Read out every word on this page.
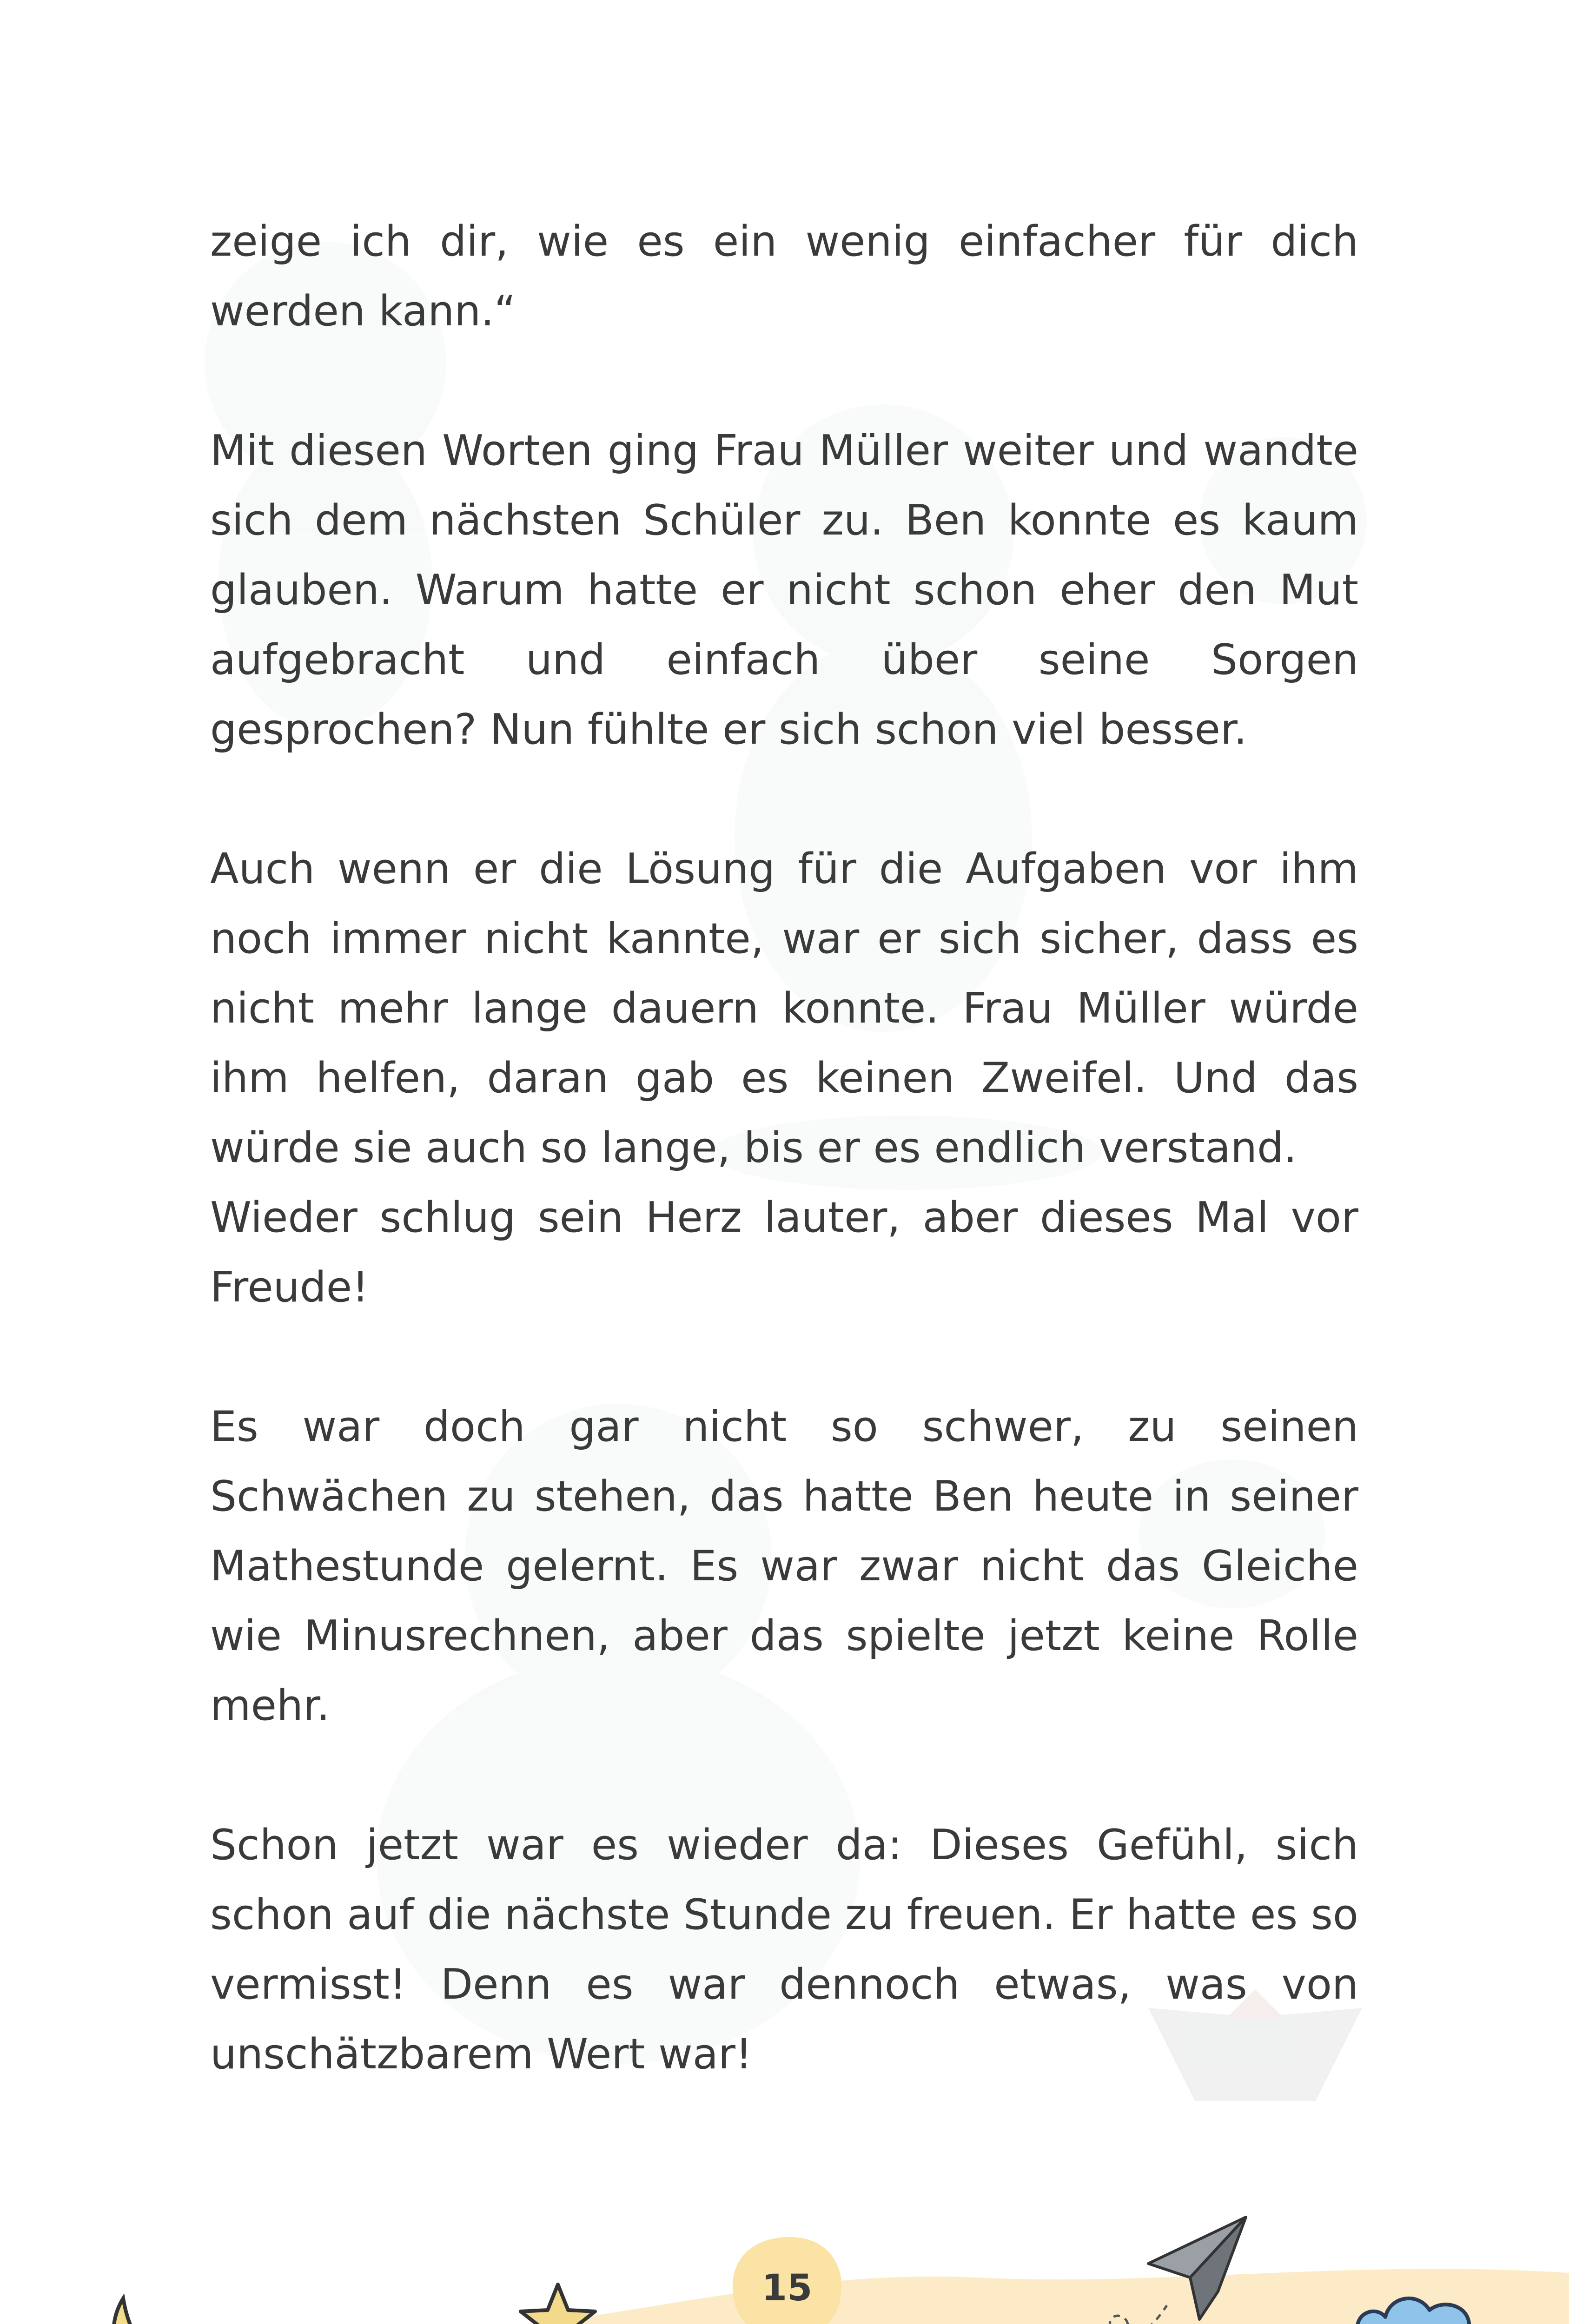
zeige ich dir, wie es ein wenig einfacher für dich werden kann.“

Mit diesen Worten ging Frau Müller weiter und wandte sich dem nächsten Schüler zu. Ben konnte es kaum glauben. Warum hatte er nicht schon eher den Mut aufgebracht und einfach über seine Sorgen gesprochen? Nun fühlte er sich schon viel besser.

Auch wenn er die Lösung für die Aufgaben vor ihm noch immer nicht kannte, war er sich sicher, dass es nicht mehr lange dauern konnte. Frau Müller würde ihm helfen, daran gab es keinen Zweifel. Und das würde sie auch so lange, bis er es endlich verstand.

Wieder schlug sein Herz lauter, aber dieses Mal vor Freude!

Es war doch gar nicht so schwer, zu seinen Schwächen zu stehen, das hatte Ben heute in seiner Mathestunde gelernt. Es war zwar nicht das Gleiche wie Minusrechnen, aber das spielte jetzt keine Rolle mehr.

Schon jetzt war es wieder da: Dieses Gefühl, sich schon auf die nächste Stunde zu freuen. Er hatte es so vermisst! Denn es war dennoch etwas, was von unschätzbarem Wert war!

15
